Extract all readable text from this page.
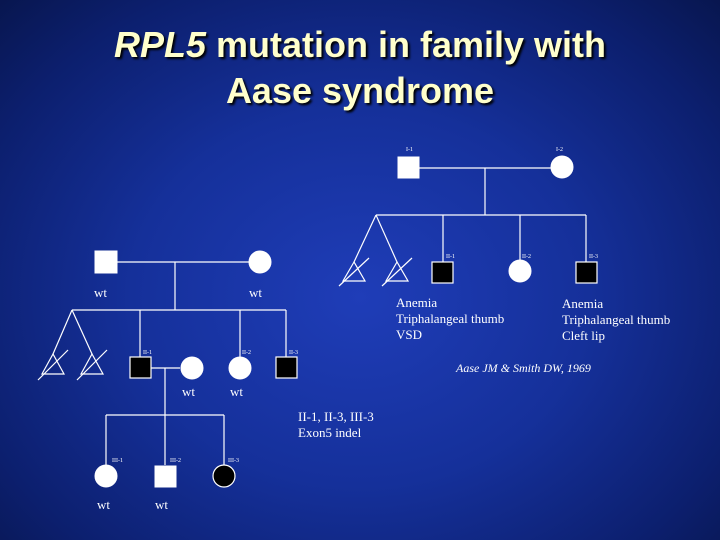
RPL5 mutation in family with
Aase syndrome
I-1	I-2
II-1	II-2	II-3
II-1	II-2	II-3
III-1	III-2	III-3
wt	wt
wt	wt
wt	wt
Anemia
Triphalangeal thumb
VSD
Anemia
Triphalangeal thumb
Cleft lip
Aase JM & Smith DW, 1969
II-1, II-3, III-3
Exon5 indel
